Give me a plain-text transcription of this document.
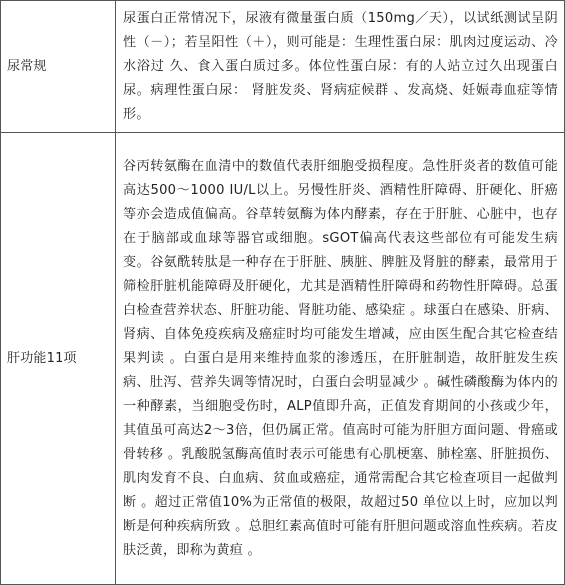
尿常规	尿蛋白正常情况下，尿液有微量蛋白质（150mg／天），以试纸测试呈阴性（－）；若呈阳性（＋），则可能是：生理性蛋白尿：肌肉过度运动、冷水浴过 久、食入蛋白质过多。体位性蛋白尿：有的人站立过久出现蛋白尿。病理性蛋白尿： 肾脏发炎、肾病症候群 、发高烧、妊娠毒血症等情形。
肝功能11项	谷丙转氨酶在血清中的数值代表肝细胞受损程度。急性肝炎者的数值可能高达500～1000 IU/L以上。另慢性肝炎、酒精性肝障碍、肝硬化、肝癌等亦会造成值偏高。谷草转氨酶为体内酵素，存在于肝脏、心脏中，也存在于脑部或血球等器官或细胞。sGOT偏高代表这些部位有可能发生病变。谷氨酰转肽是一种存在于肝脏、胰脏、脾脏及肾脏的酵素，最常用于筛检肝脏机能障碍及肝硬化，尤其是酒精性肝障碍和药物性肝障碍。总蛋白检查营养状态、肝脏功能、肾脏功能、感染症 。球蛋白在感染、肝病、肾病、自体免疫疾病及癌症时均可能发生增减，应由医生配合其它检查结果判读 。白蛋白是用来维持血浆的渗透压，在肝脏制造，故肝脏发生疾病、肚泻、营养失调等情况时，白蛋白会明显减少 。碱性磷酸酶为体内的一种酵素，当细胞受伤时，ALP值即升高，正值发育期间的小孩或少年，其值虽可高达2～3倍，但仍属正常。值高时可能为肝胆方面问题、骨癌或骨转移 。乳酸脱氢酶高值时表示可能患有心肌梗塞、肺栓塞、肝脏损伤、肌肉发育不良、白血病、贫血或癌症，通常需配合其它检查项目一起做判断 。超过正常值10%为正常值的极限，故超过50 单位以上时，应加以判断是何种疾病所致 。总胆红素高值时可能有肝胆问题或溶血性疾病。若皮肤泛黄，即称为黄疸 。
